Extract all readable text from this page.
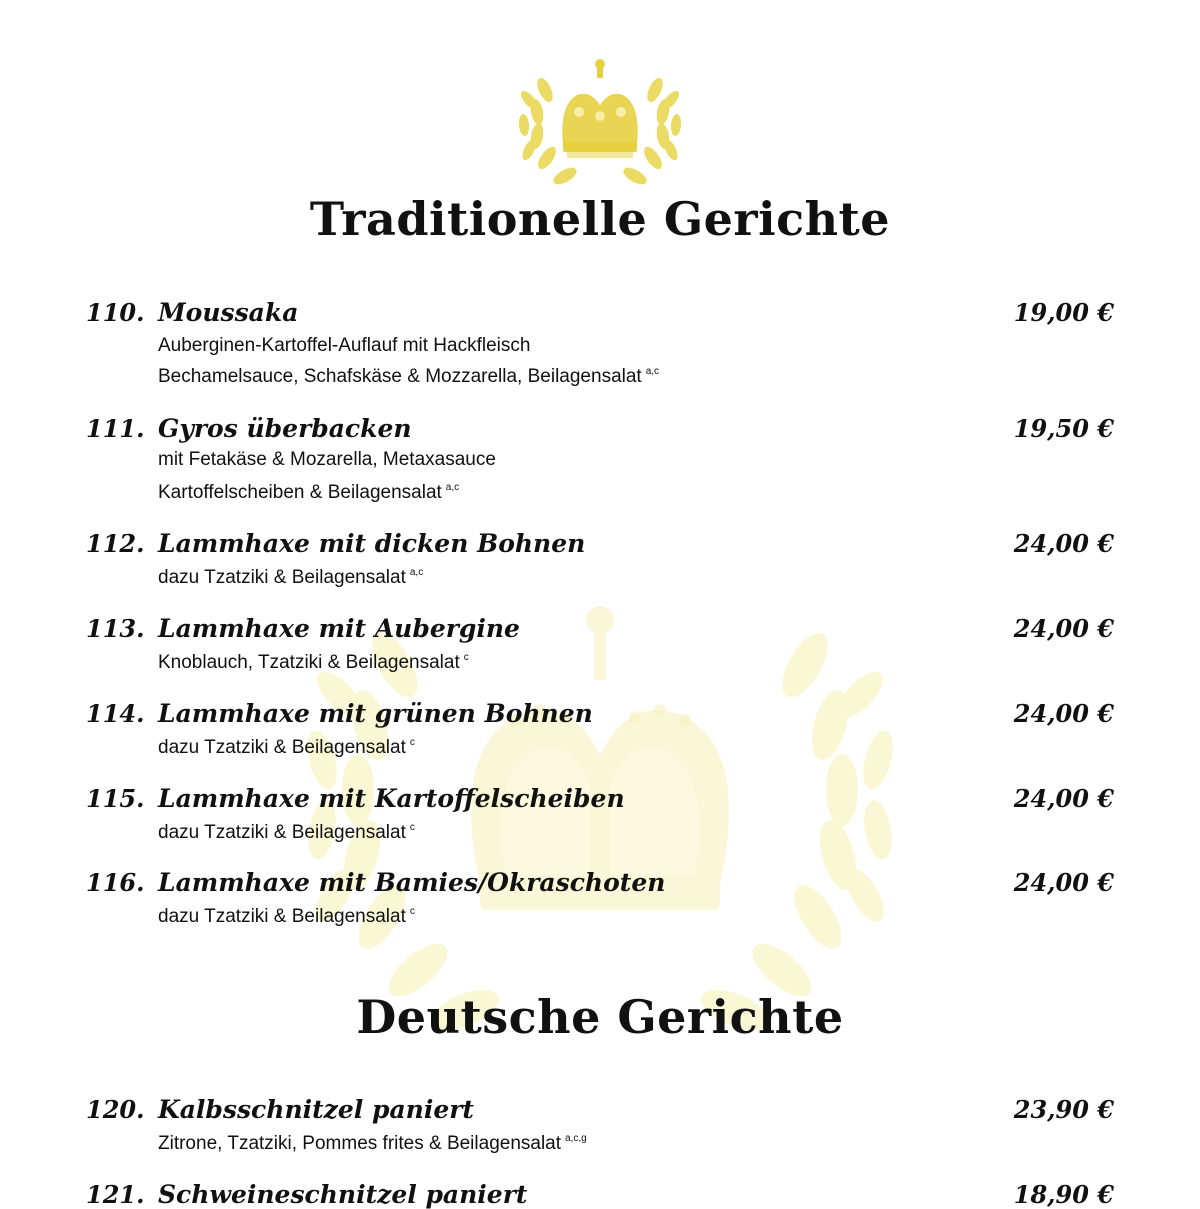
Traditionelle Gerichte
110. Moussaka	19,00 €
Auberginen-Kartoffel-Auflauf mit Hackfleisch
Bechamelsauce, Schafskäse & Mozzarella, Beilagensalat $^{a,c}$
111. Gyros überbacken	19,50 €
mit Fetakäse & Mozarella, Metaxasauce
Kartoffelscheiben & Beilagensalat $^{a,c}$
112. Lammhaxe mit dicken Bohnen	24,00 €
dazu Tzatziki & Beilagensalat $^{a,c}$
113. Lammhaxe mit Aubergine	24,00 €
Knoblauch, Tzatziki & Beilagensalat $^c$
114. Lammhaxe mit grünen Bohnen	24,00 €
dazu Tzatziki & Beilagensalat $^c$
115. Lammhaxe mit Kartoffelscheiben	24,00 €
dazu Tzatziki & Beilagensalat $^c$
116. Lammhaxe mit Bamies/Okraschoten	24,00 €
dazu Tzatziki & Beilagensalat $^c$
Deutsche Gerichte
120. Kalbsschnitzel paniert	23,90 €
Zitrone, Tzatziki, Pommes frites & Beilagensalat $^{a,c,g}$
121. Schweineschnitzel paniert	18,90 €
